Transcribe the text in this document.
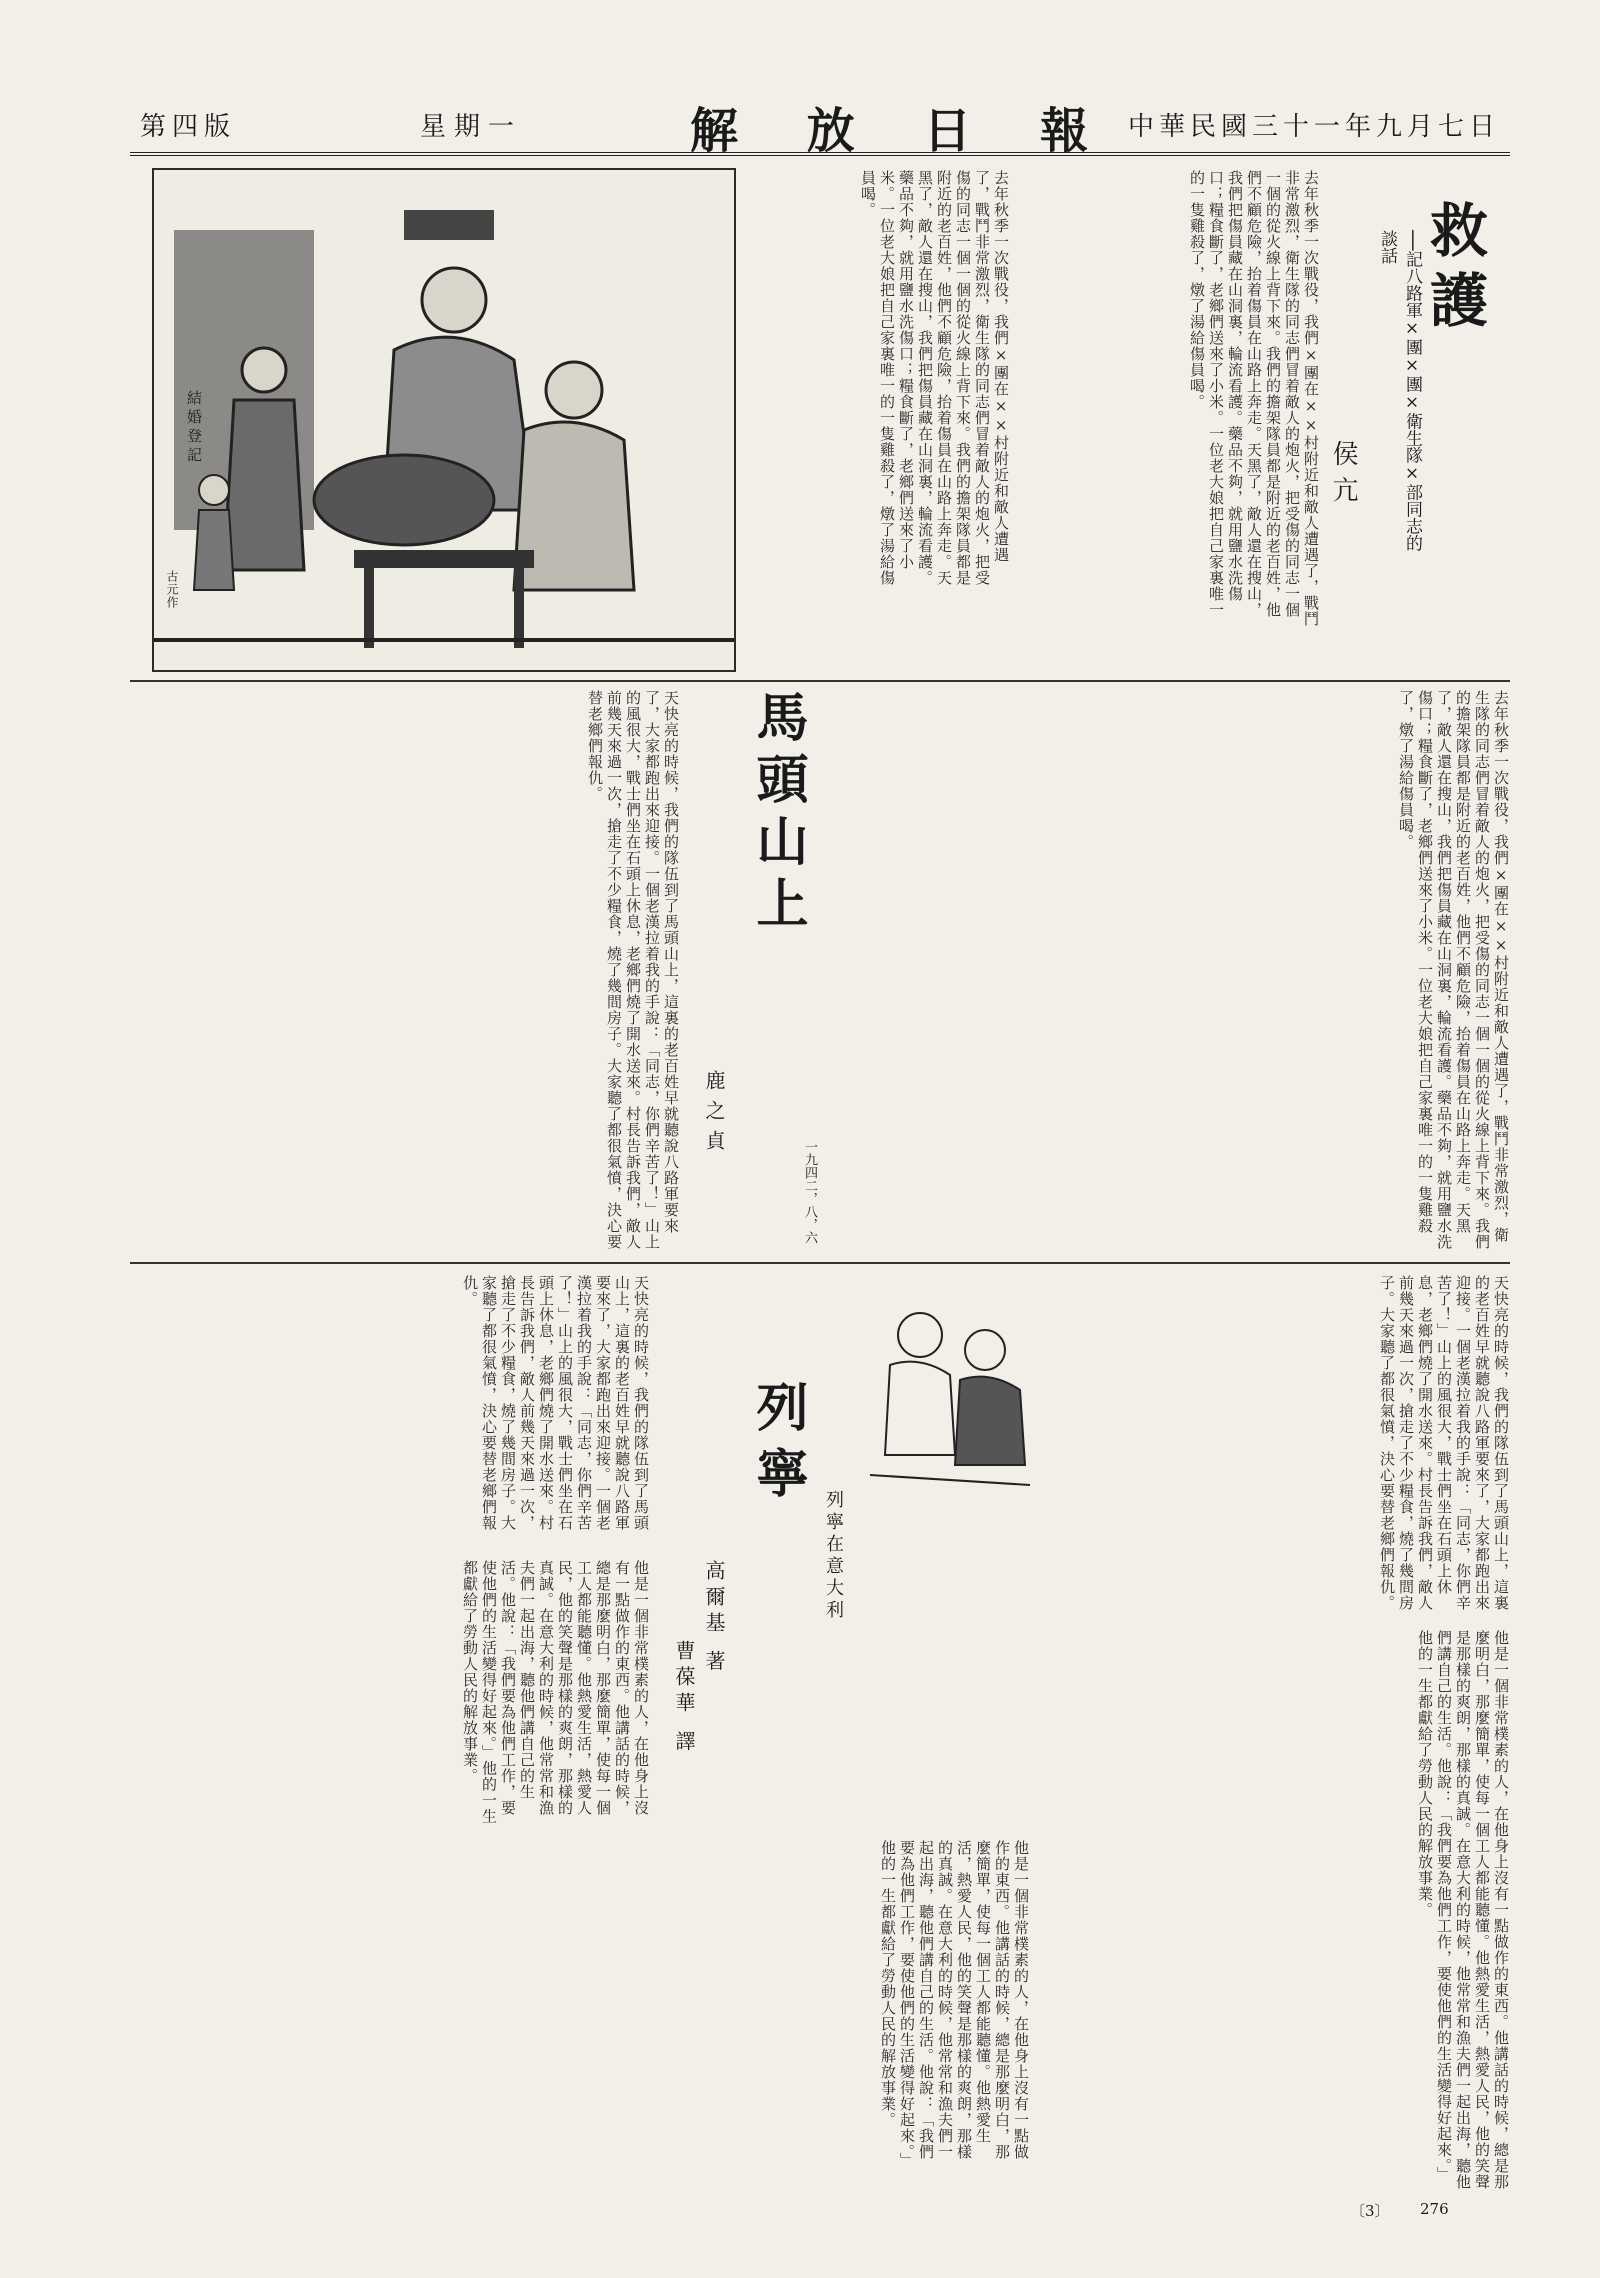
第四版	星期一	解 放 日 報 中華民國三十一年九月七日
救護
──記八路軍×團×團×衛生隊×部同志的談話
侯亢
去年秋季一次戰役，我們×團在××村附近和敵人遭遇了，戰鬥非常激烈，衛生隊的同志們冒着敵人的炮火，把受傷的同志一個一個的從火線上背下來。我們的擔架隊員都是附近的老百姓，他們不顧危險，抬着傷員在山路上奔走。天黑了，敵人還在搜山，我們把傷員藏在山洞裏，輪流看護。藥品不夠，就用鹽水洗傷口；糧食斷了，老鄉們送來了小米。一位老大娘把自己家裏唯一的一隻雞殺了，燉了湯給傷員喝。
去年秋季一次戰役，我們×團在××村附近和敵人遭遇了，戰鬥非常激烈，衛生隊的同志們冒着敵人的炮火，把受傷的同志一個一個的從火線上背下來。我們的擔架隊員都是附近的老百姓，他們不顧危險，抬着傷員在山路上奔走。天黑了，敵人還在搜山，我們把傷員藏在山洞裏，輪流看護。藥品不夠，就用鹽水洗傷口；糧食斷了，老鄉們送來了小米。一位老大娘把自己家裏唯一的一隻雞殺了，燉了湯給傷員喝。
結婚登記
古元作
去年秋季一次戰役，我們×團在××村附近和敵人遭遇了，戰鬥非常激烈，衛生隊的同志們冒着敵人的炮火，把受傷的同志一個一個的從火線上背下來。我們的擔架隊員都是附近的老百姓，他們不顧危險，抬着傷員在山路上奔走。天黑了，敵人還在搜山，我們把傷員藏在山洞裏，輪流看護。藥品不夠，就用鹽水洗傷口；糧食斷了，老鄉們送來了小米。一位老大娘把自己家裏唯一的一隻雞殺了，燉了湯給傷員喝。
馬頭山上
鹿之貞
天快亮的時候，我們的隊伍到了馬頭山上，這裏的老百姓早就聽說八路軍要來了，大家都跑出來迎接。一個老漢拉着我的手說：「同志，你們辛苦了！」山上的風很大，戰士們坐在石頭上休息，老鄉們燒了開水送來。村長告訴我們，敵人前幾天來過一次，搶走了不少糧食，燒了幾間房子。大家聽了都很氣憤，決心要替老鄉們報仇。
一九四二，八，六
天快亮的時候，我們的隊伍到了馬頭山上，這裏的老百姓早就聽說八路軍要來了，大家都跑出來迎接。一個老漢拉着我的手說：「同志，你們辛苦了！」山上的風很大，戰士們坐在石頭上休息，老鄉們燒了開水送來。村長告訴我們，敵人前幾天來過一次，搶走了不少糧食，燒了幾間房子。大家聽了都很氣憤，決心要替老鄉們報仇。
列寧在意大利
列寧
高爾基 著
曹葆華 譯
天快亮的時候，我們的隊伍到了馬頭山上，這裏的老百姓早就聽說八路軍要來了，大家都跑出來迎接。一個老漢拉着我的手說：「同志，你們辛苦了！」山上的風很大，戰士們坐在石頭上休息，老鄉們燒了開水送來。村長告訴我們，敵人前幾天來過一次，搶走了不少糧食，燒了幾間房子。大家聽了都很氣憤，決心要替老鄉們報仇。
他是一個非常樸素的人，在他身上沒有一點做作的東西。他講話的時候，總是那麼明白，那麼簡單，使每一個工人都能聽懂。他熱愛生活，熱愛人民，他的笑聲是那樣的爽朗，那樣的真誠。在意大利的時候，他常常和漁夫們一起出海，聽他們講自己的生活。他說：「我們要為他們工作，要使他們的生活變得好起來。」他的一生都獻給了勞動人民的解放事業。	他是一個非常樸素的人，在他身上沒有一點做作的東西。他講話的時候，總是那麼明白，那麼簡單，使每一個工人都能聽懂。他熱愛生活，熱愛人民，他的笑聲是那樣的爽朗，那樣的真誠。在意大利的時候，他常常和漁夫們一起出海，聽他們講自己的生活。他說：「我們要為他們工作，要使他們的生活變得好起來。」他的一生都獻給了勞動人民的解放事業。
他是一個非常樸素的人，在他身上沒有一點做作的東西。他講話的時候，總是那麼明白，那麼簡單，使每一個工人都能聽懂。他熱愛生活，熱愛人民，他的笑聲是那樣的爽朗，那樣的真誠。在意大利的時候，他常常和漁夫們一起出海，聽他們講自己的生活。他說：「我們要為他們工作，要使他們的生活變得好起來。」他的一生都獻給了勞動人民的解放事業。
〔3〕 276
